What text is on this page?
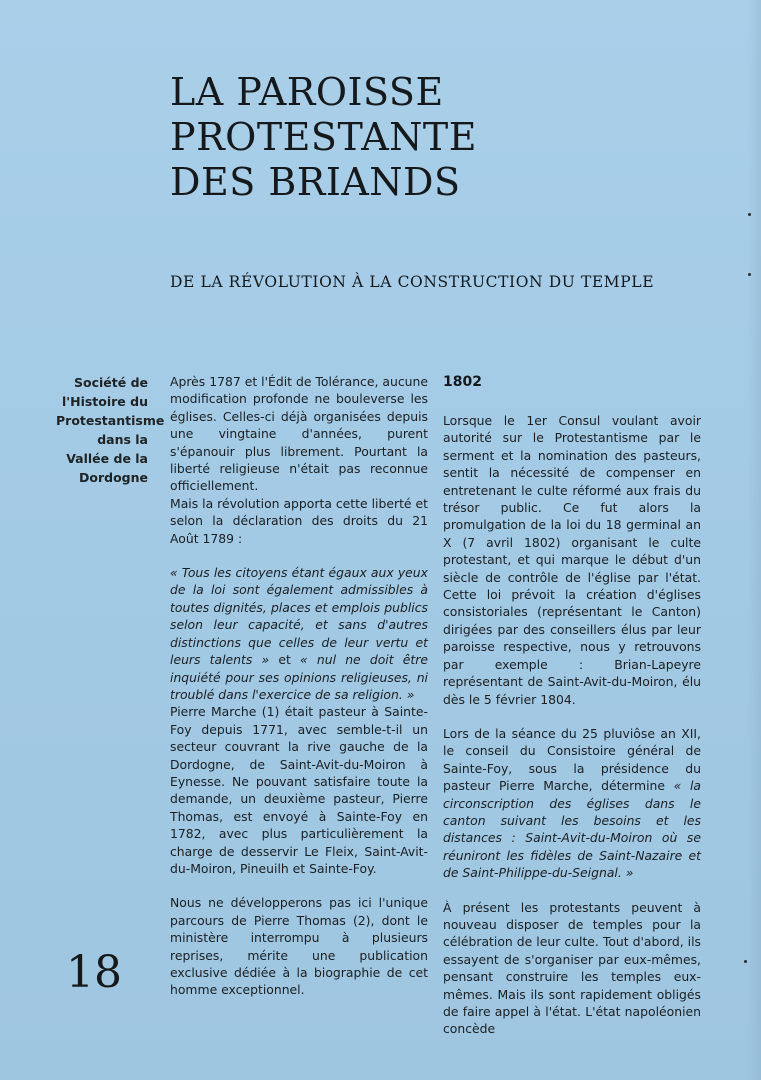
LA PAROISSE
PROTESTANTE
DES BRIANDS
DE LA RÉVOLUTION À LA CONSTRUCTION DU TEMPLE
Société de
l'Histoire du
Protestantisme
dans la
Vallée de la
Dordogne
18

Après 1787 et l'Édit de Tolérance, aucune modification profonde ne bouleverse les églises. Celles-ci déjà organisées depuis une vingtaine d'années, purent s'épanouir plus librement. Pourtant la liberté religieuse n'était pas reconnue officiellement.

Mais la révolution apporta cette liberté et selon la déclaration des droits du 21 Août 1789 :

« Tous les citoyens étant égaux aux yeux de la loi sont également admissibles à toutes dignités, places et emplois publics selon leur capacité, et sans d'autres distinctions que celles de leur vertu et leurs talents » et « nul ne doit être inquiété pour ses opinions religieuses, ni troublé dans l'exercice de sa religion. »

Pierre Marche (1) était pasteur à Sainte-Foy depuis 1771, avec semble-t-il un secteur couvrant la rive gauche de la Dordogne, de Saint-Avit-du-Moiron à Eynesse. Ne pouvant satisfaire toute la demande, un deuxième pasteur, Pierre Thomas, est envoyé à Sainte-Foy en 1782, avec plus particulièrement la charge de desservir Le Fleix, Saint-Avit-du-Moiron, Pineuilh et Sainte-Foy.

Nous ne développerons pas ici l'unique parcours de Pierre Thomas (2), dont le ministère interrompu à plusieurs reprises, mérite une publication exclusive dédiée à la biographie de cet homme exceptionnel.

1802

Lorsque le 1er Consul voulant avoir autorité sur le Protestantisme par le serment et la nomination des pasteurs, sentit la nécessité de compenser en entretenant le culte réformé aux frais du trésor public. Ce fut alors la promulgation de la loi du 18 germinal an X (7 avril 1802) organisant le culte protestant, et qui marque le début d'un siècle de contrôle de l'église par l'état. Cette loi prévoit la création d'églises consistoriales (représentant le Canton) dirigées par des conseillers élus par leur paroisse respective, nous y retrouvons par exemple : Brian-Lapeyre représentant de Saint-Avit-du-Moiron, élu dès le 5 février 1804.

Lors de la séance du 25 pluviôse an XII, le conseil du Consistoire général de Sainte-Foy, sous la présidence du pasteur Pierre Marche, détermine « la circonscription des églises dans le canton suivant les besoins et les distances : Saint-Avit-du-Moiron où se réuniront les fidèles de Saint-Nazaire et de Saint-Philippe-du-Seignal. »

À présent les protestants peuvent à nouveau disposer de temples pour la célébration de leur culte. Tout d'abord, ils essayent de s'organiser par eux-mêmes, pensant construire les temples eux-mêmes. Mais ils sont rapidement obligés de faire appel à l'état. L'état napoléonien concède
